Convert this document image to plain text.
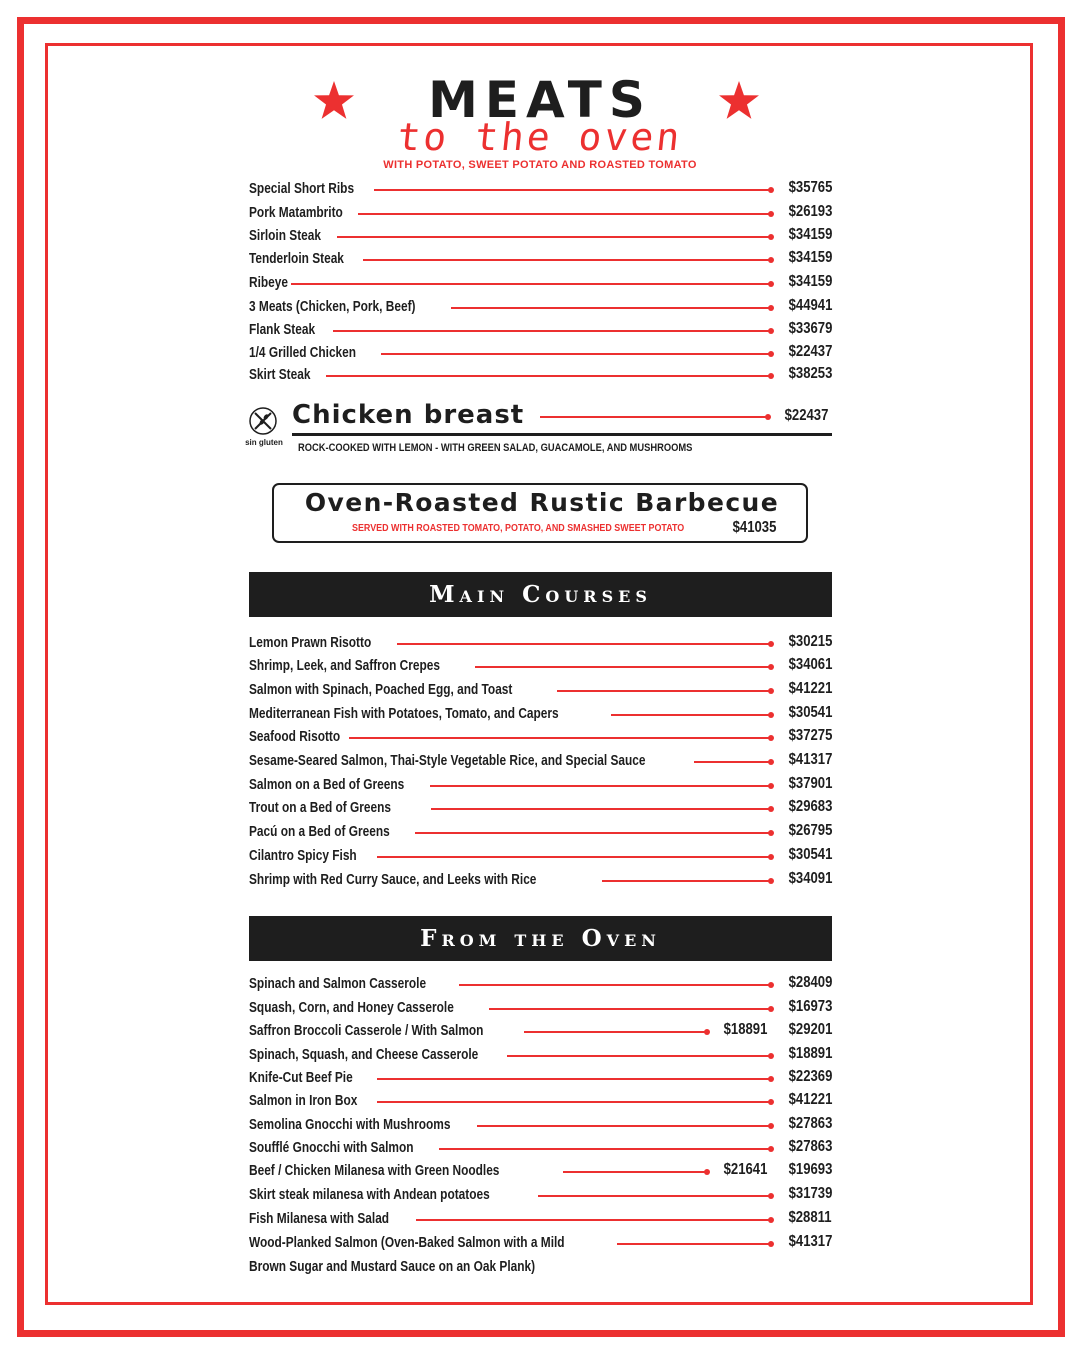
MEATS
to the oven
WITH POTATO, SWEET POTATO AND ROASTED TOMATO
Special Short Ribs	$35765
Pork Matambrito	$26193
Sirloin Steak	$34159
Tenderloin Steak	$34159
Ribeye	$34159
3 Meats (Chicken, Pork, Beef)	$44941
Flank Steak	$33679
1/4 Grilled Chicken	$22437
Skirt Steak	$38253
sin gluten
Chicken breast	$22437
ROCK-COOKED WITH LEMON - WITH GREEN SALAD, GUACAMOLE, AND MUSHROOMS
Oven-Roasted Rustic Barbecue
SERVED WITH ROASTED TOMATO, POTATO, AND SMASHED SWEET POTATO	$41035
Main Courses
Lemon Prawn Risotto	$30215
Shrimp, Leek, and Saffron Crepes	$34061
Salmon with Spinach, Poached Egg, and Toast	$41221
Mediterranean Fish with Potatoes, Tomato, and Capers	$30541
Seafood Risotto	$37275
Sesame-Seared Salmon, Thai-Style Vegetable Rice, and Special Sauce	$41317
Salmon on a Bed of Greens	$37901
Trout on a Bed of Greens	$29683
Pacú on a Bed of Greens	$26795
Cilantro Spicy Fish	$30541
Shrimp with Red Curry Sauce, and Leeks with Rice	$34091
From the Oven
Spinach and Salmon Casserole	$28409
Squash, Corn, and Honey Casserole	$16973
Saffron Broccoli Casserole / With Salmon	$18891 $29201
Spinach, Squash, and Cheese Casserole	$18891
Knife-Cut Beef Pie	$22369
Salmon in Iron Box	$41221
Semolina Gnocchi with Mushrooms	$27863
Soufflé Gnocchi with Salmon	$27863
Beef / Chicken Milanesa with Green Noodles	$21641 $19693
Skirt steak milanesa with Andean potatoes	$31739
Fish Milanesa with Salad	$28811
Wood-Planked Salmon (Oven-Baked Salmon with a Mild	$41317
Brown Sugar and Mustard Sauce on an Oak Plank)
